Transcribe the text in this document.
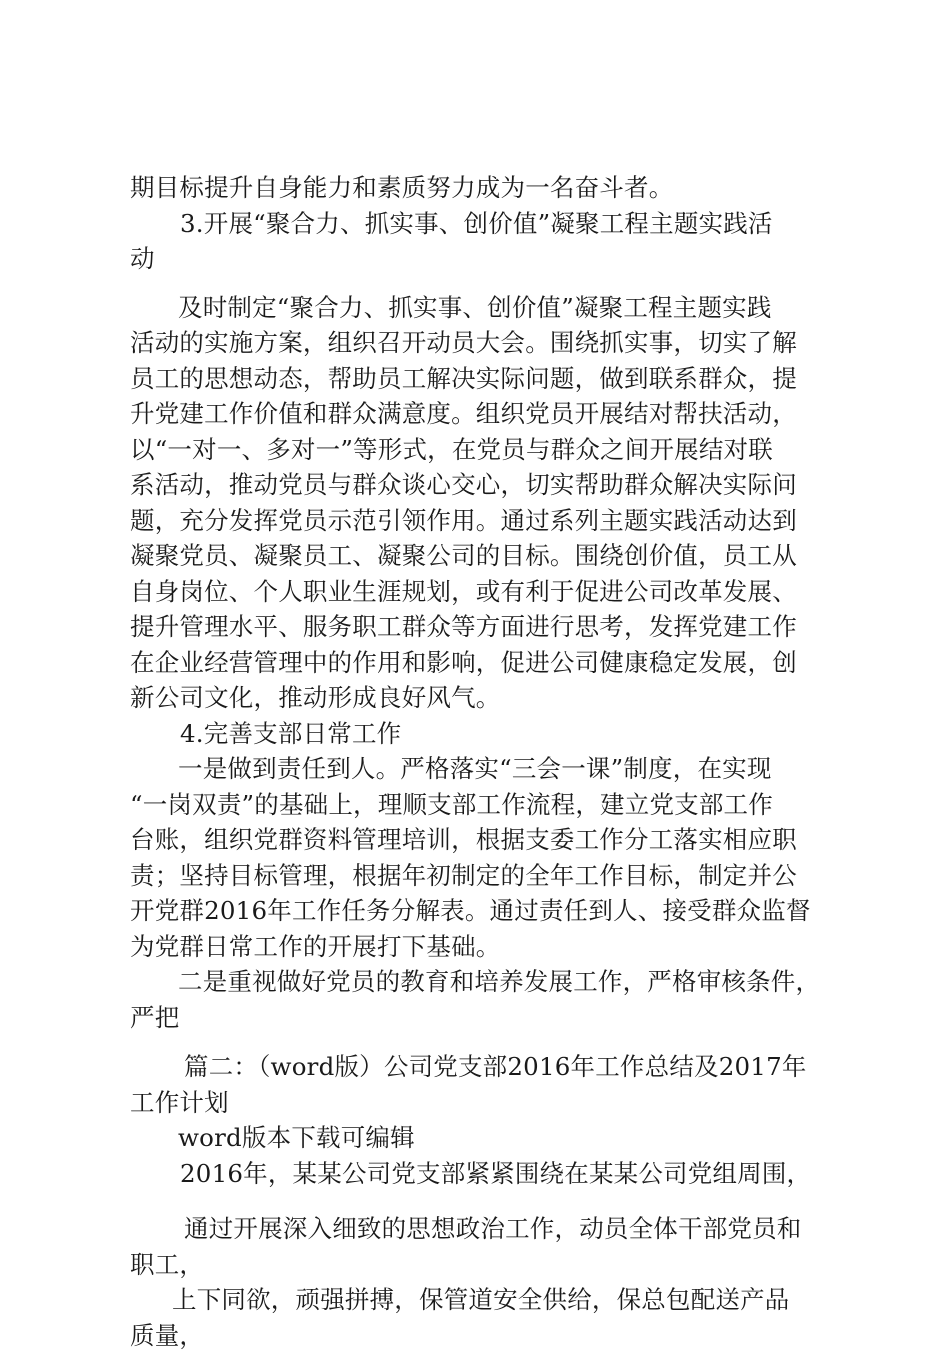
期目标提升自身能力和素质努力成为一名奋斗者。
3.开展“聚合力、抓实事、创价值”凝聚工程主题实践活
动
及时制定“聚合力、抓实事、创价值”凝聚工程主题实践
活动的实施方案，组织召开动员大会。围绕抓实事，切实了解
员工的思想动态，帮助员工解决实际问题，做到联系群众，提
升党建工作价值和群众满意度。组织党员开展结对帮扶活动，
以“一对一、多对一”等形式，在党员与群众之间开展结对联
系活动，推动党员与群众谈心交心，切实帮助群众解决实际问
题，充分发挥党员示范引领作用。通过系列主题实践活动达到
凝聚党员、凝聚员工、凝聚公司的目标。围绕创价值，员工从
自身岗位、个人职业生涯规划，或有利于促进公司改革发展、
提升管理水平、服务职工群众等方面进行思考，发挥党建工作
在企业经营管理中的作用和影响，促进公司健康稳定发展，创
新公司文化，推动形成良好风气。
4.完善支部日常工作
一是做到责任到人。严格落实“三会一课”制度，在实现
“一岗双责”的基础上，理顺支部工作流程，建立党支部工作
台账，组织党群资料管理培训，根据支委工作分工落实相应职
责；坚持目标管理，根据年初制定的全年工作目标，制定并公
开党群2016年工作任务分解表。通过责任到人、接受群众监督
为党群日常工作的开展打下基础。
二是重视做好党员的教育和培养发展工作，严格审核条件，
严把
篇二：（word版）公司党支部2016年工作总结及2017年
工作计划
word版本下载可编辑
2016年，某某公司党支部紧紧围绕在某某公司党组周围，
通过开展深入细致的思想政治工作，动员全体干部党员和
职工，
上下同欲，顽强拼搏，保管道安全供给，保总包配送产品
质量，
